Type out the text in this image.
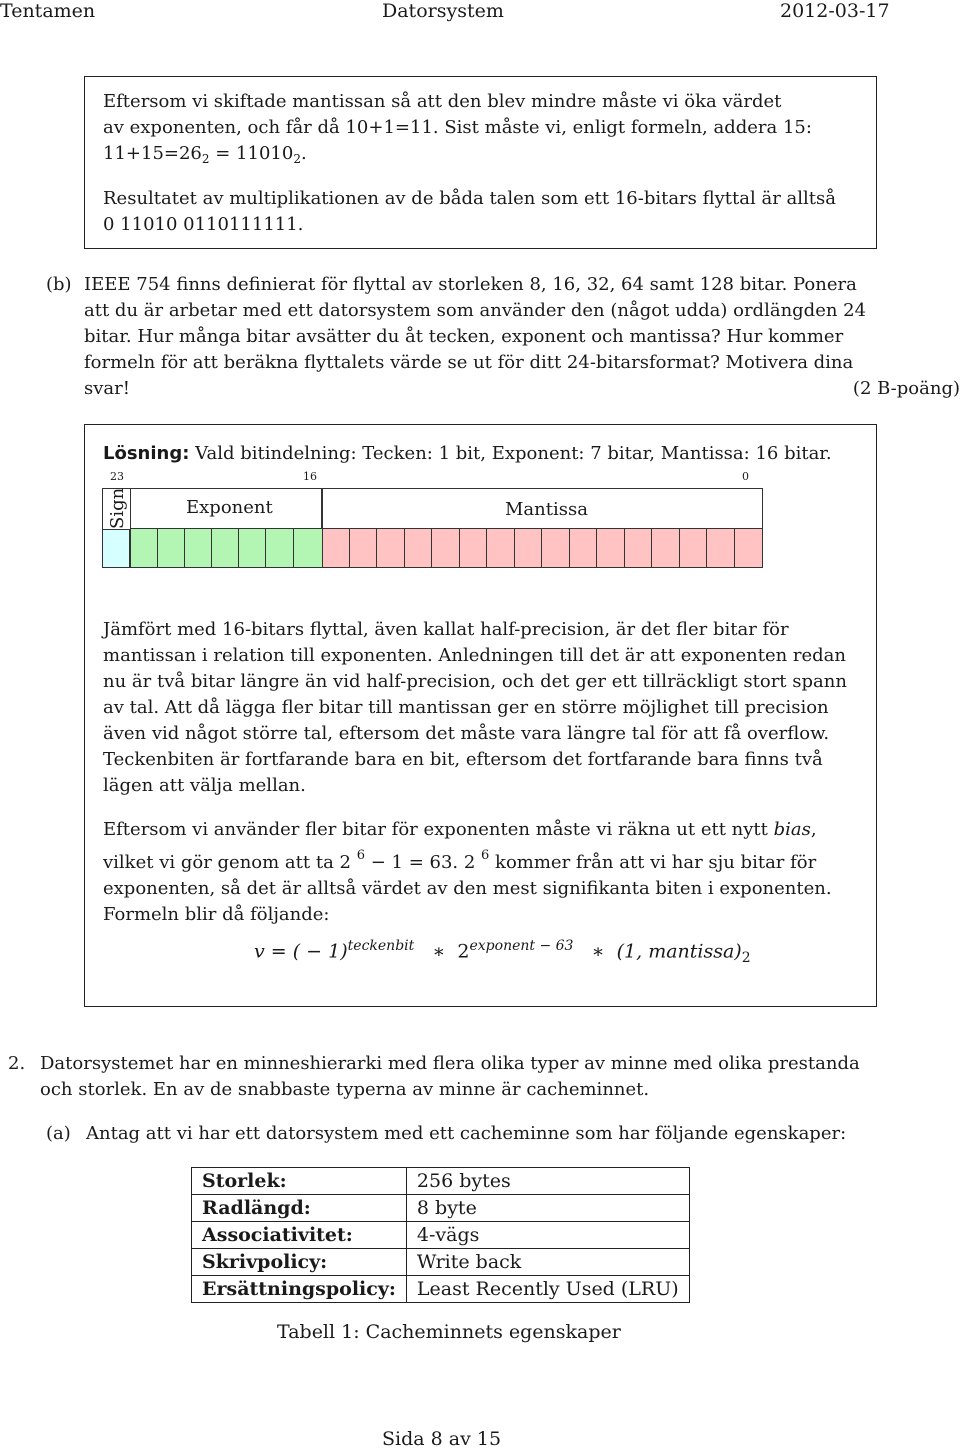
Tentamen	Datorsystem	2012-03-17
Eftersom vi skiftade mantissan så att den blev mindre måste vi öka värdet
av exponenten, och får då 10+1=11. Sist måste vi, enligt formeln, addera 15:
$11+15=26_2 = 11010_2$.
Resultatet av multiplikationen av de båda talen som ett 16-bitars flyttal är alltså
0 11010 0110111111.
(b) IEEE 754 finns definierat för flyttal av storleken 8, 16, 32, 64 samt 128 bitar. Ponera
att du är arbetar med ett datorsystem som använder den (något udda) ordlängden 24
bitar. Hur många bitar avsätter du åt tecken, exponent och mantissa? Hur kommer
formeln för att beräkna flyttalets värde se ut för ditt 24-bitarsformat? Motivera dina
svar!	(2 B-poäng)
Lösning: Vald bitindelning: Tecken: 1 bit, Exponent: 7 bitar, Mantissa: 16 bitar.
23	16	0
Sign	Exponent	Mantissa
Jämfört med 16-bitars flyttal, även kallat half-precision, är det fler bitar för
mantissan i relation till exponenten. Anledningen till det är att exponenten redan
nu är två bitar längre än vid half-precision, och det ger ett tillräckligt stort spann
av tal. Att då lägga fler bitar till mantissan ger en större möjlighet till precision
även vid något större tal, eftersom det måste vara längre tal för att få overflow.
Teckenbiten är fortfarande bara en bit, eftersom det fortfarande bara finns två
lägen att välja mellan.
Eftersom vi använder fler bitar för exponenten måste vi räkna ut ett nytt bias,
vilket vi gör genom att ta 2 $^6$ − 1 = 63. 2 $^6$ kommer från att vi har sju bitar för
exponenten, så det är alltså värdet av den mest signifikanta biten i exponenten.
Formeln blir då följande:
v = ( − 1)$^{teckenbit}$ ∗ $2^{exponent - 63}$ ∗ (1, $mantissa)_2$
2. Datorsystemet har en minneshierarki med flera olika typer av minne med olika prestanda
och storlek. En av de snabbaste typerna av minne är cacheminnet.
(a) Antag att vi har ett datorsystem med ett cacheminne som har följande egenskaper:
Storlek:	256 bytes
Radlängd:	8 byte
Associativitet:	4-vägs
Skrivpolicy:	Write back
Ersättningspolicy:	Least Recently Used (LRU)
Tabell 1: Cacheminnets egenskaper
Sida 8 av 15
